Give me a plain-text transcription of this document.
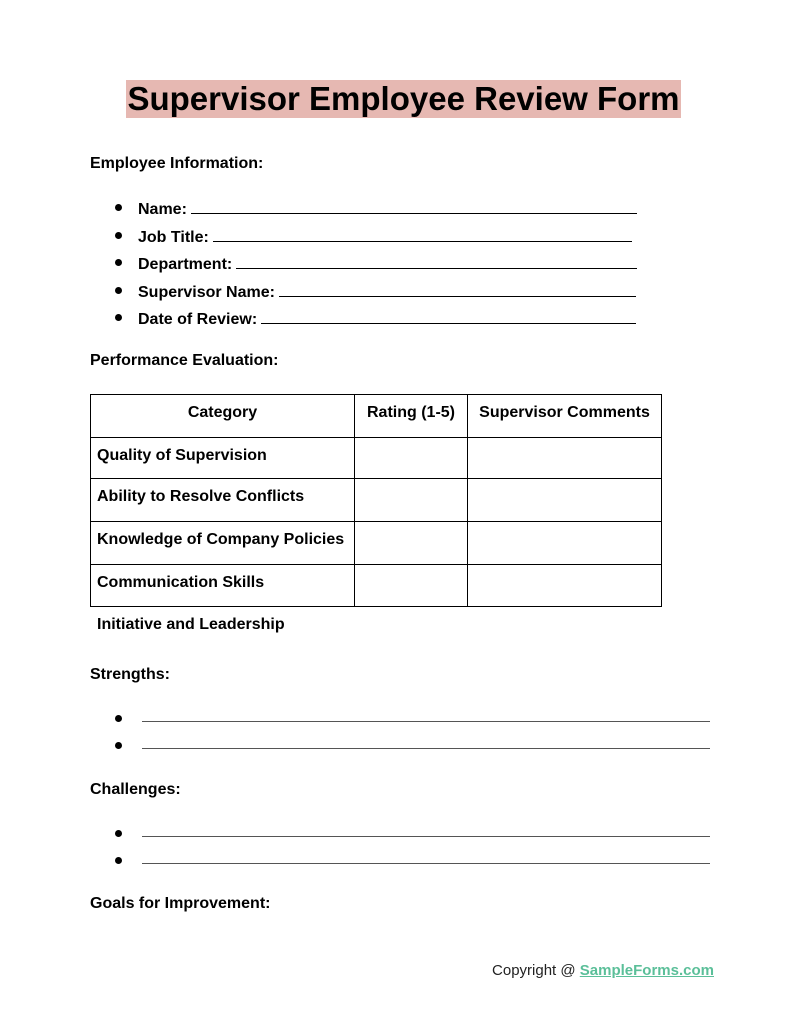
Supervisor Employee Review Form
Employee Information:
Name:
Job Title:
Department:
Supervisor Name:
Date of Review:
Performance Evaluation:
Category	Rating (1-5)	Supervisor Comments
Quality of Supervision		
Ability to Resolve Conflicts		
Knowledge of Company Policies		
Communication Skills		
Initiative and Leadership
Strengths:
Challenges:
Goals for Improvement:
Copyright @ SampleForms.com
